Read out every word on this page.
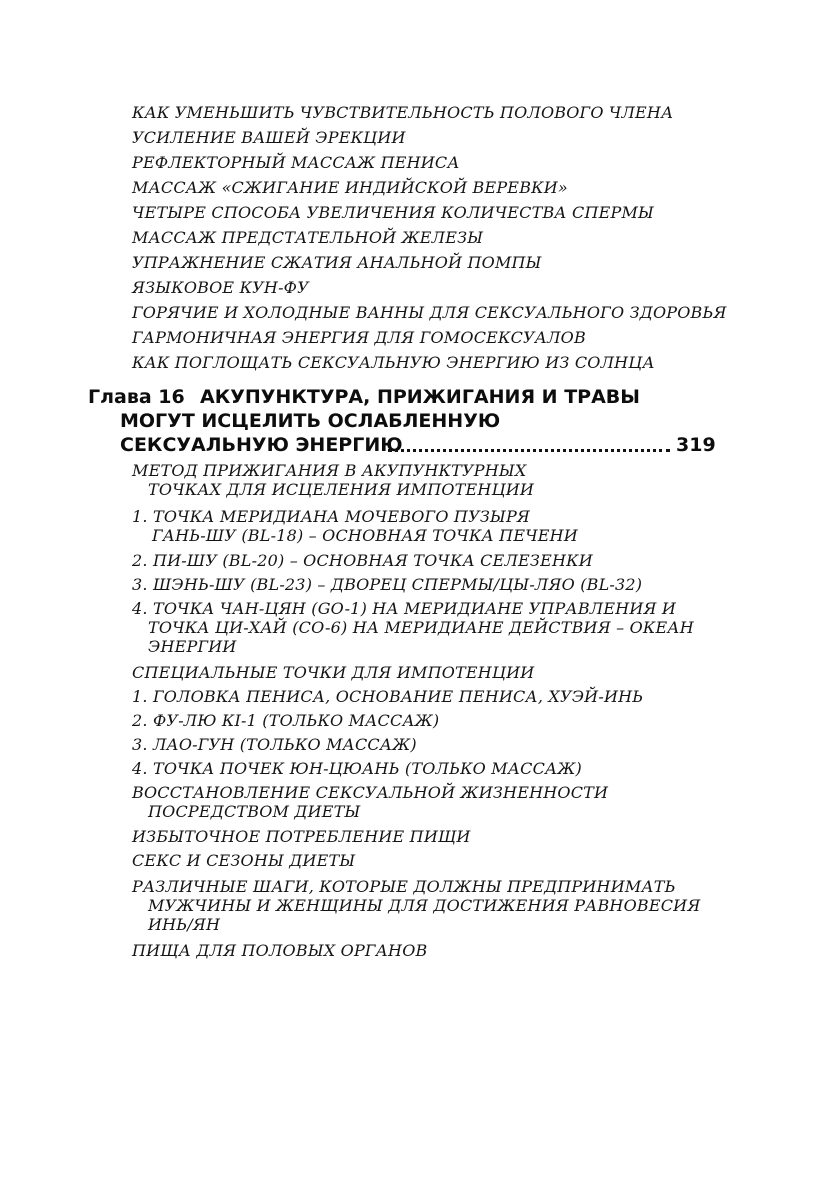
КАК УМЕНЬШИТЬ ЧУВСТВИТЕЛЬНОСТЬ ПОЛОВОГО ЧЛЕНА

УСИЛЕНИЕ ВАШЕЙ ЭРЕКЦИИ

РЕФЛЕКТОРНЫЙ МАССАЖ ПЕНИСА

МАССАЖ «СЖИГАНИЕ ИНДИЙСКОЙ ВЕРЕВКИ»

ЧЕТЫРЕ СПОСОБА УВЕЛИЧЕНИЯ КОЛИЧЕСТВА СПЕРМЫ

МАССАЖ ПРЕДСТАТЕЛЬНОЙ ЖЕЛЕЗЫ

УПРАЖНЕНИЕ СЖАТИЯ АНАЛЬНОЙ ПОМПЫ

ЯЗЫКОВОЕ КУН-ФУ

ГОРЯЧИЕ И ХОЛОДНЫЕ ВАННЫ ДЛЯ СЕКСУАЛЬНОГО ЗДОРОВЬЯ

ГАРМОНИЧНАЯ ЭНЕРГИЯ ДЛЯ ГОМОСЕКСУАЛОВ

КАК ПОГЛОЩАТЬ СЕКСУАЛЬНУЮ ЭНЕРГИЮ ИЗ СОЛНЦА

Глава 16 АКУПУНКТУРА, ПРИЖИГАНИЯ И ТРАВЫ

МОГУТ ИСЦЕЛИТЬ ОСЛАБЛЕННУЮ

СЕКСУАЛЬНУЮ ЭНЕРГИЮ	319

МЕТОД ПРИЖИГАНИЯ В АКУПУНКТУРНЫХ

ТОЧКАХ ДЛЯ ИСЦЕЛЕНИЯ ИМПОТЕНЦИИ

1. ТОЧКА МЕРИДИАНА МОЧЕВОГО ПУЗЫРЯ

ГАНЬ-ШУ (BL-18) – ОСНОВНАЯ ТОЧКА ПЕЧЕНИ

2. ПИ-ШУ (BL-20) – ОСНОВНАЯ ТОЧКА СЕЛЕЗЕНКИ

3. ШЭНЬ-ШУ (BL-23) – ДВОРЕЦ СПЕРМЫ/ЦЫ-ЛЯО (BL-32)

4. ТОЧКА ЧАН-ЦЯН (GO-1) НА МЕРИДИАНЕ УПРАВЛЕНИЯ И

ТОЧКА ЦИ-ХАЙ (CO-6) НА МЕРИДИАНЕ ДЕЙСТВИЯ – ОКЕАН

ЭНЕРГИИ

СПЕЦИАЛЬНЫЕ ТОЧКИ ДЛЯ ИМПОТЕНЦИИ

1. ГОЛОВКА ПЕНИСА, ОСНОВАНИЕ ПЕНИСА, ХУЭЙ-ИНЬ

2. ФУ-ЛЮ КI-1 (ТОЛЬКО МАССАЖ)

3. ЛАО-ГУН (ТОЛЬКО МАССАЖ)

4. ТОЧКА ПОЧЕК ЮН-ЦЮАНЬ (ТОЛЬКО МАССАЖ)

ВОССТАНОВЛЕНИЕ СЕКСУАЛЬНОЙ ЖИЗНЕННОСТИ

ПОСРЕДСТВОМ ДИЕТЫ

ИЗБЫТОЧНОЕ ПОТРЕБЛЕНИЕ ПИЩИ

СЕКС И СЕЗОНЫ ДИЕТЫ

РАЗЛИЧНЫЕ ШАГИ, КОТОРЫЕ ДОЛЖНЫ ПРЕДПРИНИМАТЬ

МУЖЧИНЫ И ЖЕНЩИНЫ ДЛЯ ДОСТИЖЕНИЯ РАВНОВЕСИЯ

ИНЬ/ЯН

ПИЩА ДЛЯ ПОЛОВЫХ ОРГАНОВ
